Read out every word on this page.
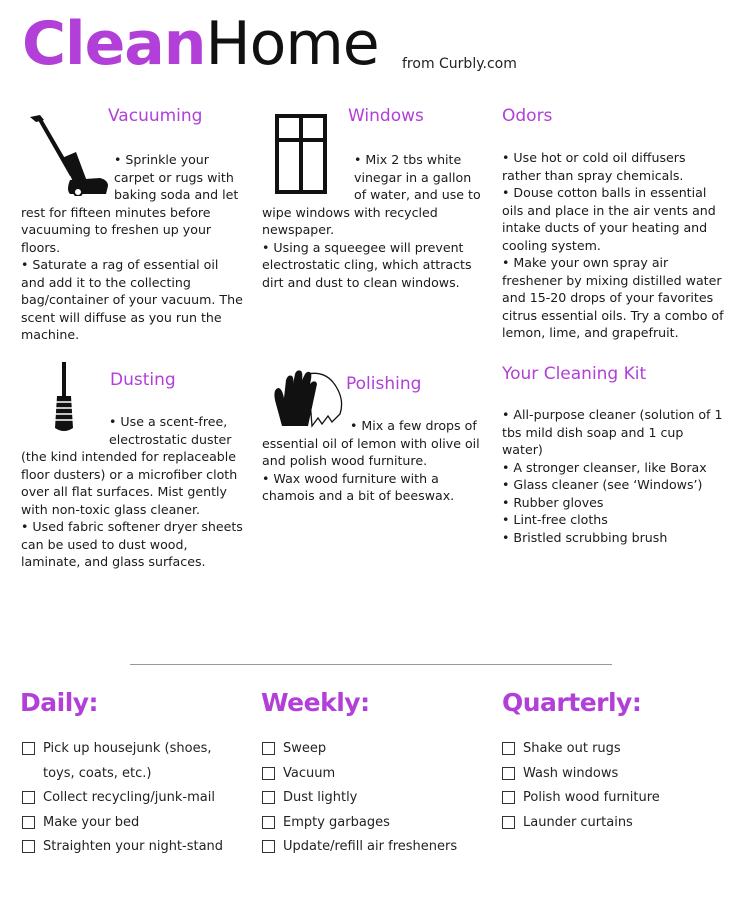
CleanHome from Curbly.com
Vacuuming

• Sprinkle your carpet or rugs with baking soda and let rest for fifteen minutes before vacuuming to freshen up your floors.

• Saturate a rag of essential oil and add it to the collecting bag/container of your vacuum. The scent will diffuse as you run the machine.

Windows

• Mix 2 tbs white vinegar in a gallon of water, and use to wipe windows with recycled newspaper.

• Using a squeegee will prevent electrostatic cling, which attracts dirt and dust to clean windows.

Odors

• Use hot or cold oil diffusers rather than spray chemicals.

• Douse cotton balls in essential oils and place in the air vents and intake ducts of your heating and cooling system.

• Make your own spray air freshener by mixing distilled water and 15-20 drops of your favorites citrus essential oils. Try a combo of lemon, lime, and grapefruit.

Dusting

• Use a scent-free, electrostatic duster (the kind intended for replaceable floor dusters) or a microfiber cloth over all flat surfaces. Mist gently with non-toxic glass cleaner.

• Used fabric softener dryer sheets can be used to dust wood, laminate, and glass surfaces.

Polishing

• Mix a few drops of essential oil of lemon with olive oil and polish wood furniture.

• Wax wood furniture with a chamois and a bit of beeswax.

Your Cleaning Kit

• All-purpose cleaner (solution of 1 tbs mild dish soap and 1 cup water)

• A stronger cleanser, like Borax

• Glass cleaner (see ‘Windows’)

• Rubber gloves

• Lint-free cloths

• Bristled scrubbing brush

Daily:
Pick up housejunk (shoes, toys, coats, etc.)
Collect recycling/junk-mail
Make your bed
Straighten your night-stand
Weekly:
Sweep
Vacuum
Dust lightly
Empty garbages
Update/refill air fresheners
Quarterly:
Shake out rugs
Wash windows
Polish wood furniture
Launder curtains
